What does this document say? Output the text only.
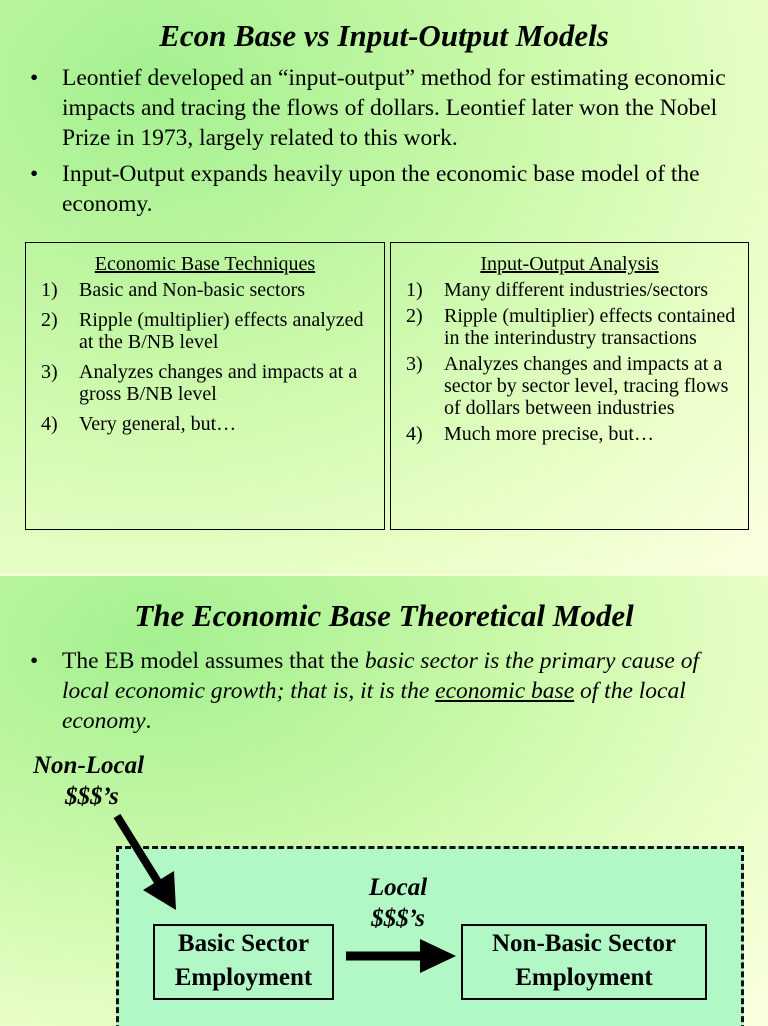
Econ Base vs Input-Output Models
• Leontief developed an “input-output” method for estimating economic impacts and tracing the flows of dollars. Leontief later won the Nobel Prize in 1973, largely related to this work.
• Input-Output expands heavily upon the economic base model of the economy.
Economic Base Techniques
1) Basic and Non-basic sectors
2) Ripple (multiplier) effects analyzed at the B/NB level
3) Analyzes changes and impacts at a gross B/NB level
4) Very general, but…
Input-Output Analysis
1) Many different industries/sectors
2) Ripple (multiplier) effects contained in the interindustry transactions
3) Analyzes changes and impacts at a sector by sector level, tracing flows of dollars between industries
4) Much more precise, but…
The Economic Base Theoretical Model
• The EB model assumes that the basic sector is the primary cause of local economic growth; that is, it is the economic base of the local economy.
Non-Local
$$$’s
Local
$$$’s
Basic Sector
Employment
Non-Basic Sector
Employment
